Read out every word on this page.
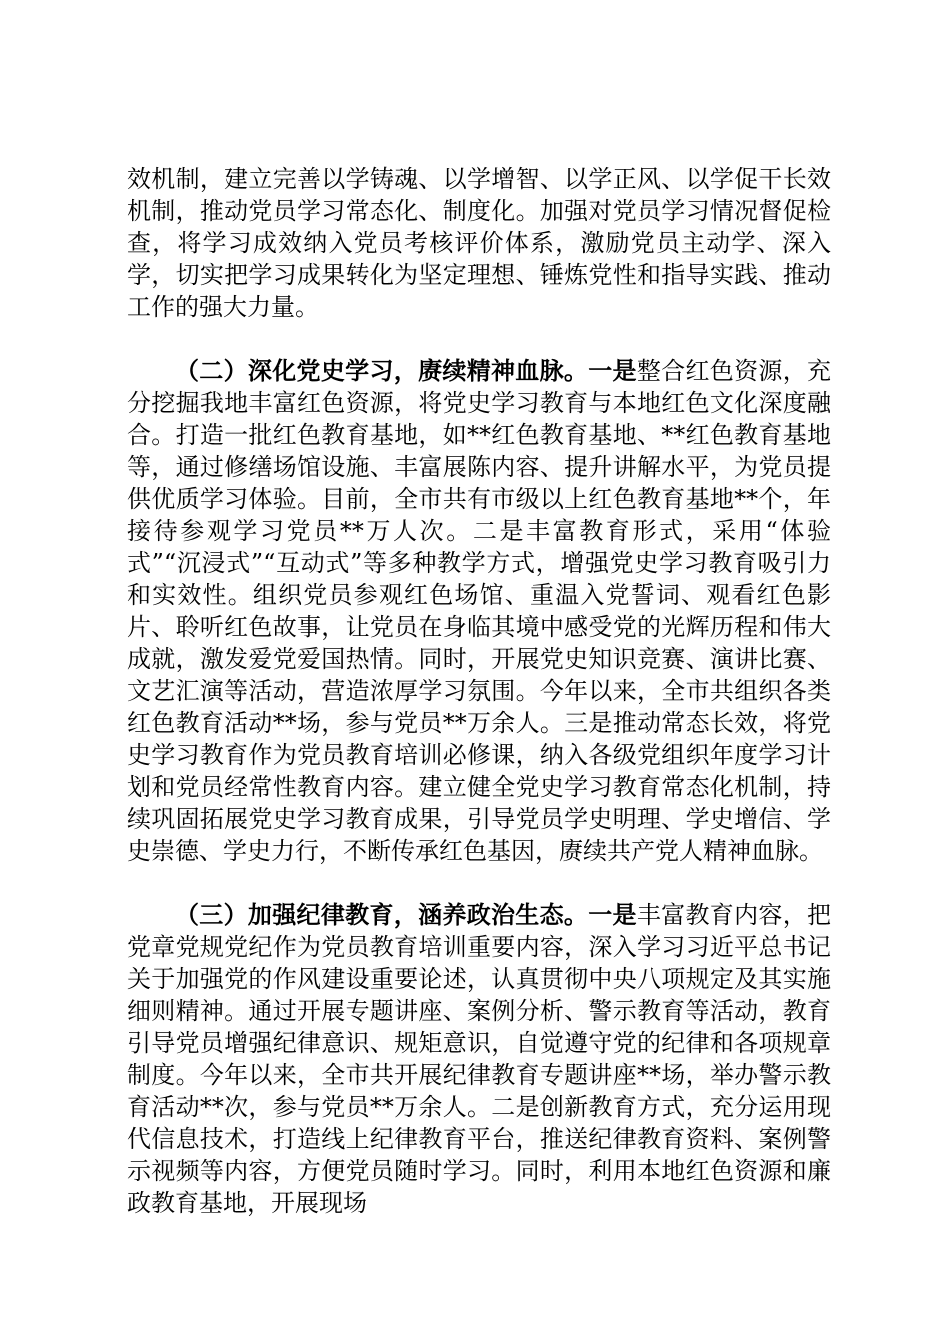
效机制，建立完善以学铸魂、以学增智、以学正风、以学促干长效机制，推动党员学习常态化、制度化。加强对党员学习情况督促检查，将学习成效纳入党员考核评价体系，激励党员主动学、深入学，切实把学习成果转化为坚定理想、锤炼党性和指导实践、推动工作的强大力量。

（二）深化党史学习，赓续精神血脉。一是整合红色资源，充分挖掘我地丰富红色资源，将党史学习教育与本地红色文化深度融合。打造一批红色教育基地，如**红色教育基地、**红色教育基地等，通过修缮场馆设施、丰富展陈内容、提升讲解水平，为党员提供优质学习体验。目前，全市共有市级以上红色教育基地**个，年接待参观学习党员**万人次。二是丰富教育形式，采用“体验式”“沉浸式”“互动式”等多种教学方式，增强党史学习教育吸引力和实效性。组织党员参观红色场馆、重温入党誓词、观看红色影片、聆听红色故事，让党员在身临其境中感受党的光辉历程和伟大成就，激发爱党爱国热情。同时，开展党史知识竞赛、演讲比赛、文艺汇演等活动，营造浓厚学习氛围。今年以来，全市共组织各类红色教育活动**场，参与党员**万余人。三是推动常态长效，将党史学习教育作为党员教育培训必修课，纳入各级党组织年度学习计划和党员经常性教育内容。建立健全党史学习教育常态化机制，持续巩固拓展党史学习教育成果，引导党员学史明理、学史增信、学史崇德、学史力行，不断传承红色基因，赓续共产党人精神血脉。

（三）加强纪律教育，涵养政治生态。一是丰富教育内容，把党章党规党纪作为党员教育培训重要内容，深入学习习近平总书记关于加强党的作风建设重要论述，认真贯彻中央八项规定及其实施细则精神。通过开展专题讲座、案例分析、警示教育等活动，教育引导党员增强纪律意识、规矩意识，自觉遵守党的纪律和各项规章制度。今年以来，全市共开展纪律教育专题讲座**场，举办警示教育活动**次，参与党员**万余人。二是创新教育方式，充分运用现代信息技术，打造线上纪律教育平台，推送纪律教育资料、案例警示视频等内容，方便党员随时学习。同时，利用本地红色资源和廉政教育基地，开展现场
